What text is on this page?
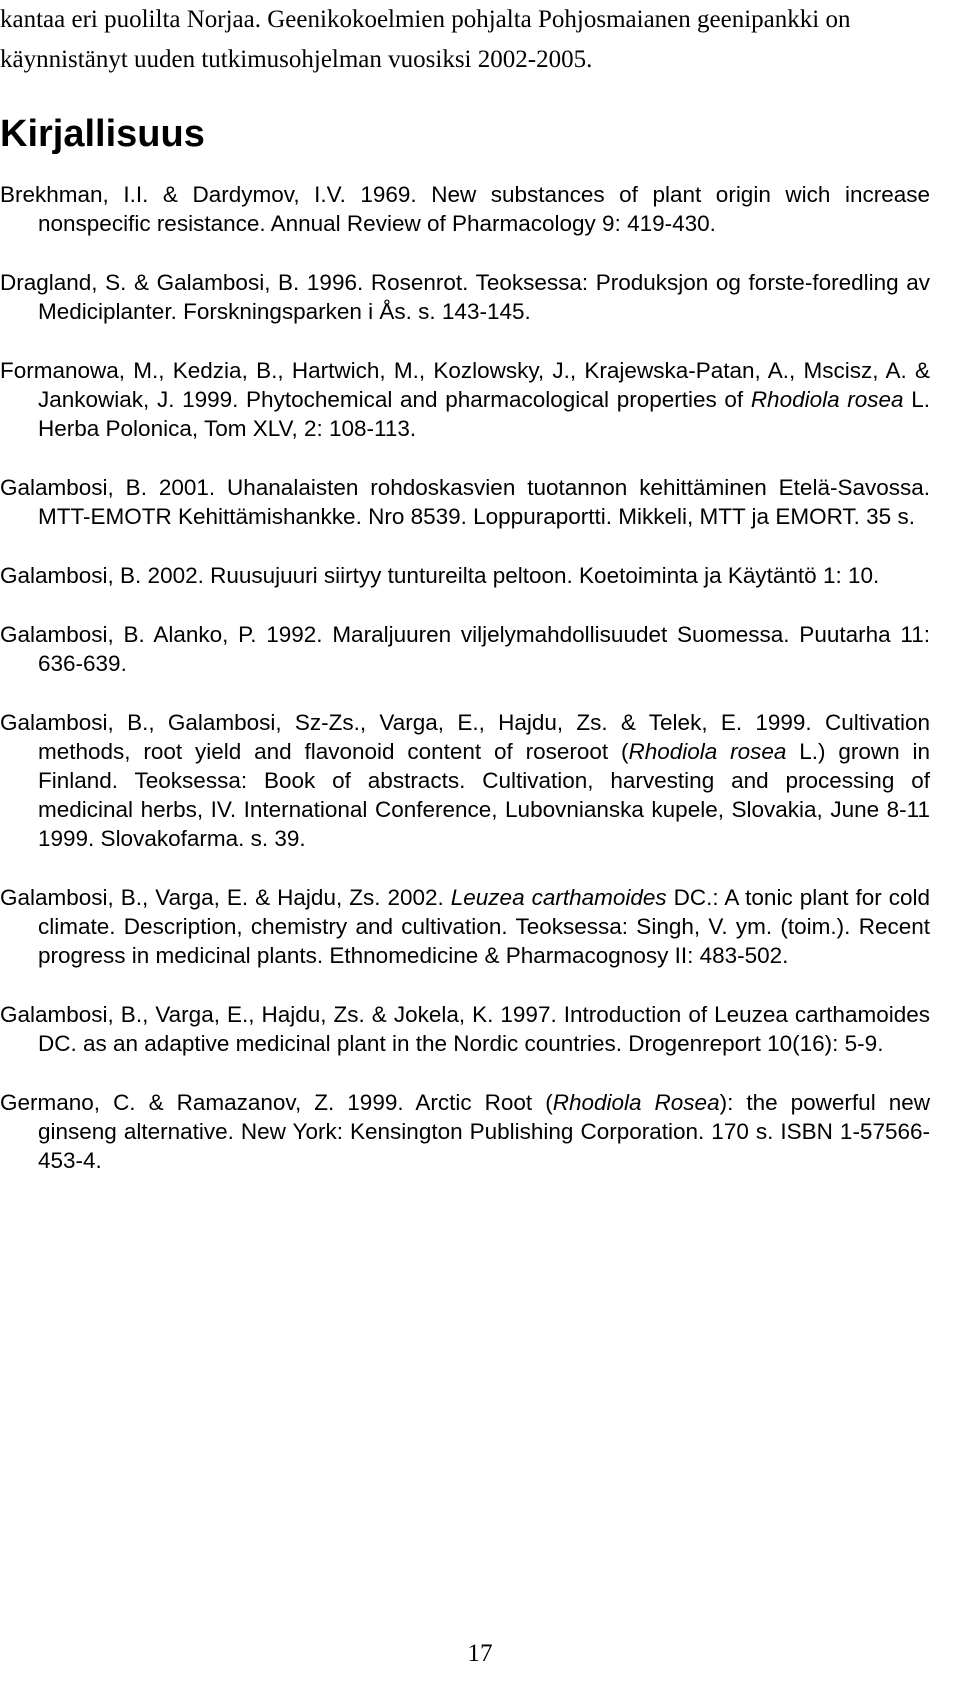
kantaa eri puolilta Norjaa. Geenikokoelmien pohjalta Pohjosmaianen geenipankki on käynnistänyt uuden tutkimusohjelman vuosiksi 2002-2005.

Kirjallisuus

Brekhman, I.I. & Dardymov, I.V. 1969. New substances of plant origin wich increase nonspecific resistance. Annual Review of Pharmacology 9: 419-430.

Dragland, S. & Galambosi, B. 1996. Rosenrot. Teoksessa: Produksjon og forste-foredling av Mediciplanter. Forskningsparken i Ås. s. 143-145.

Formanowa, M., Kedzia, B., Hartwich, M., Kozlowsky, J., Krajewska-Patan, A., Mscisz, A. & Jankowiak, J. 1999. Phytochemical and pharmacological properties of Rhodiola rosea L. Herba Polonica, Tom XLV, 2: 108-113.

Galambosi, B. 2001. Uhanalaisten rohdoskasvien tuotannon kehittäminen Etelä-Savossa. MTT-EMOTR Kehittämishankke. Nro 8539. Loppuraportti. Mikkeli, MTT ja EMORT. 35 s.

Galambosi, B. 2002. Ruusujuuri siirtyy tuntureilta peltoon. Koetoiminta ja Käytäntö 1: 10.

Galambosi, B. Alanko, P. 1992. Maraljuuren viljelymahdollisuudet Suomessa. Puutarha 11: 636-639.

Galambosi, B., Galambosi, Sz-Zs., Varga, E., Hajdu, Zs. & Telek, E. 1999. Cultivation methods, root yield and flavonoid content of roseroot (Rhodiola rosea L.) grown in Finland. Teoksessa: Book of abstracts. Cultivation, harvesting and processing of medicinal herbs, IV. International Conference, Lubovnianska kupele, Slovakia, June 8-11 1999. Slovakofarma. s. 39.

Galambosi, B., Varga, E. & Hajdu, Zs. 2002. Leuzea carthamoides DC.: A tonic plant for cold climate. Description, chemistry and cultivation. Teoksessa: Singh, V. ym. (toim.). Recent progress in medicinal plants. Ethnomedicine & Pharmacognosy II: 483-502.

Galambosi, B., Varga, E., Hajdu, Zs. & Jokela, K. 1997. Introduction of Leuzea carthamoides DC. as an adaptive medicinal plant in the Nordic countries. Drogenreport 10(16): 5-9.

Germano, C. & Ramazanov, Z. 1999. Arctic Root (Rhodiola Rosea): the powerful new ginseng alternative. New York: Kensington Publishing Corporation. 170 s. ISBN 1-57566-453-4.

17
